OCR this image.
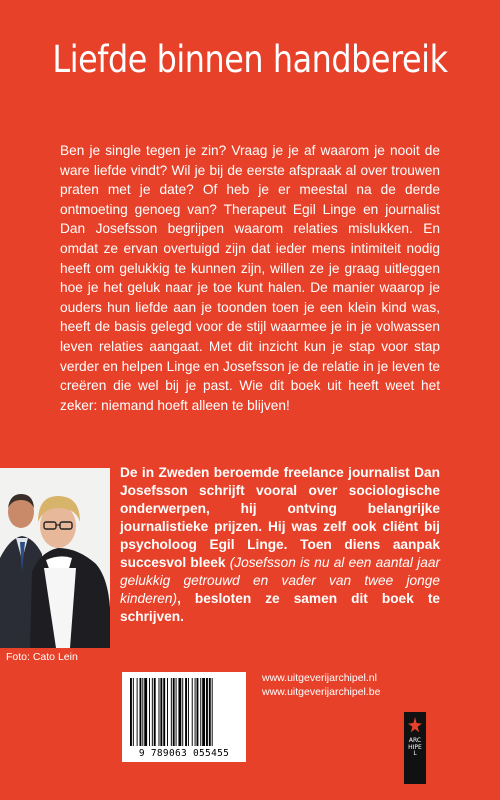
Liefde binnen handbereik

Ben je single tegen je zin? Vraag je je af waarom je nooit de ware liefde vindt? Wil je bij de eerste afspraak al over trouwen praten met je date? Of heb je er meestal na de derde ontmoeting genoeg van? Therapeut Egil Linge en journalist Dan Josefsson begrijpen waarom relaties mislukken. En omdat ze ervan overtuigd zijn dat ieder mens intimiteit nodig heeft om gelukkig te kunnen zijn, willen ze je graag uitleggen hoe je het geluk naar je toe kunt halen. De manier waarop je ouders hun liefde aan je toonden toen je een klein kind was, heeft de basis gelegd voor de stijl waarmee je in je volwassen leven relaties aangaat. Met dit inzicht kun je stap voor stap verder en helpen Linge en Josefsson je de relatie in je leven te creëren die wel bij je past. Wie dit boek uit heeft weet het zeker: niemand hoeft alleen te blijven!

Foto: Cato Lein

De in Zweden beroemde freelance journalist Dan Josefsson schrijft vooral over sociologische onderwerpen, hij ontving belangrijke journalistieke prijzen. Hij was zelf ook cliënt bij psycholoog Egil Linge. Toen diens aanpak succesvol bleek (Josefsson is nu al een aantal jaar gelukkig getrouwd en vader van twee jonge kinderen), besloten ze samen dit boek te schrijven.

9 789063 055455
www.uitgeverijarchipel.nl
www.uitgeverijarchipel.be
ARCHIPEL
